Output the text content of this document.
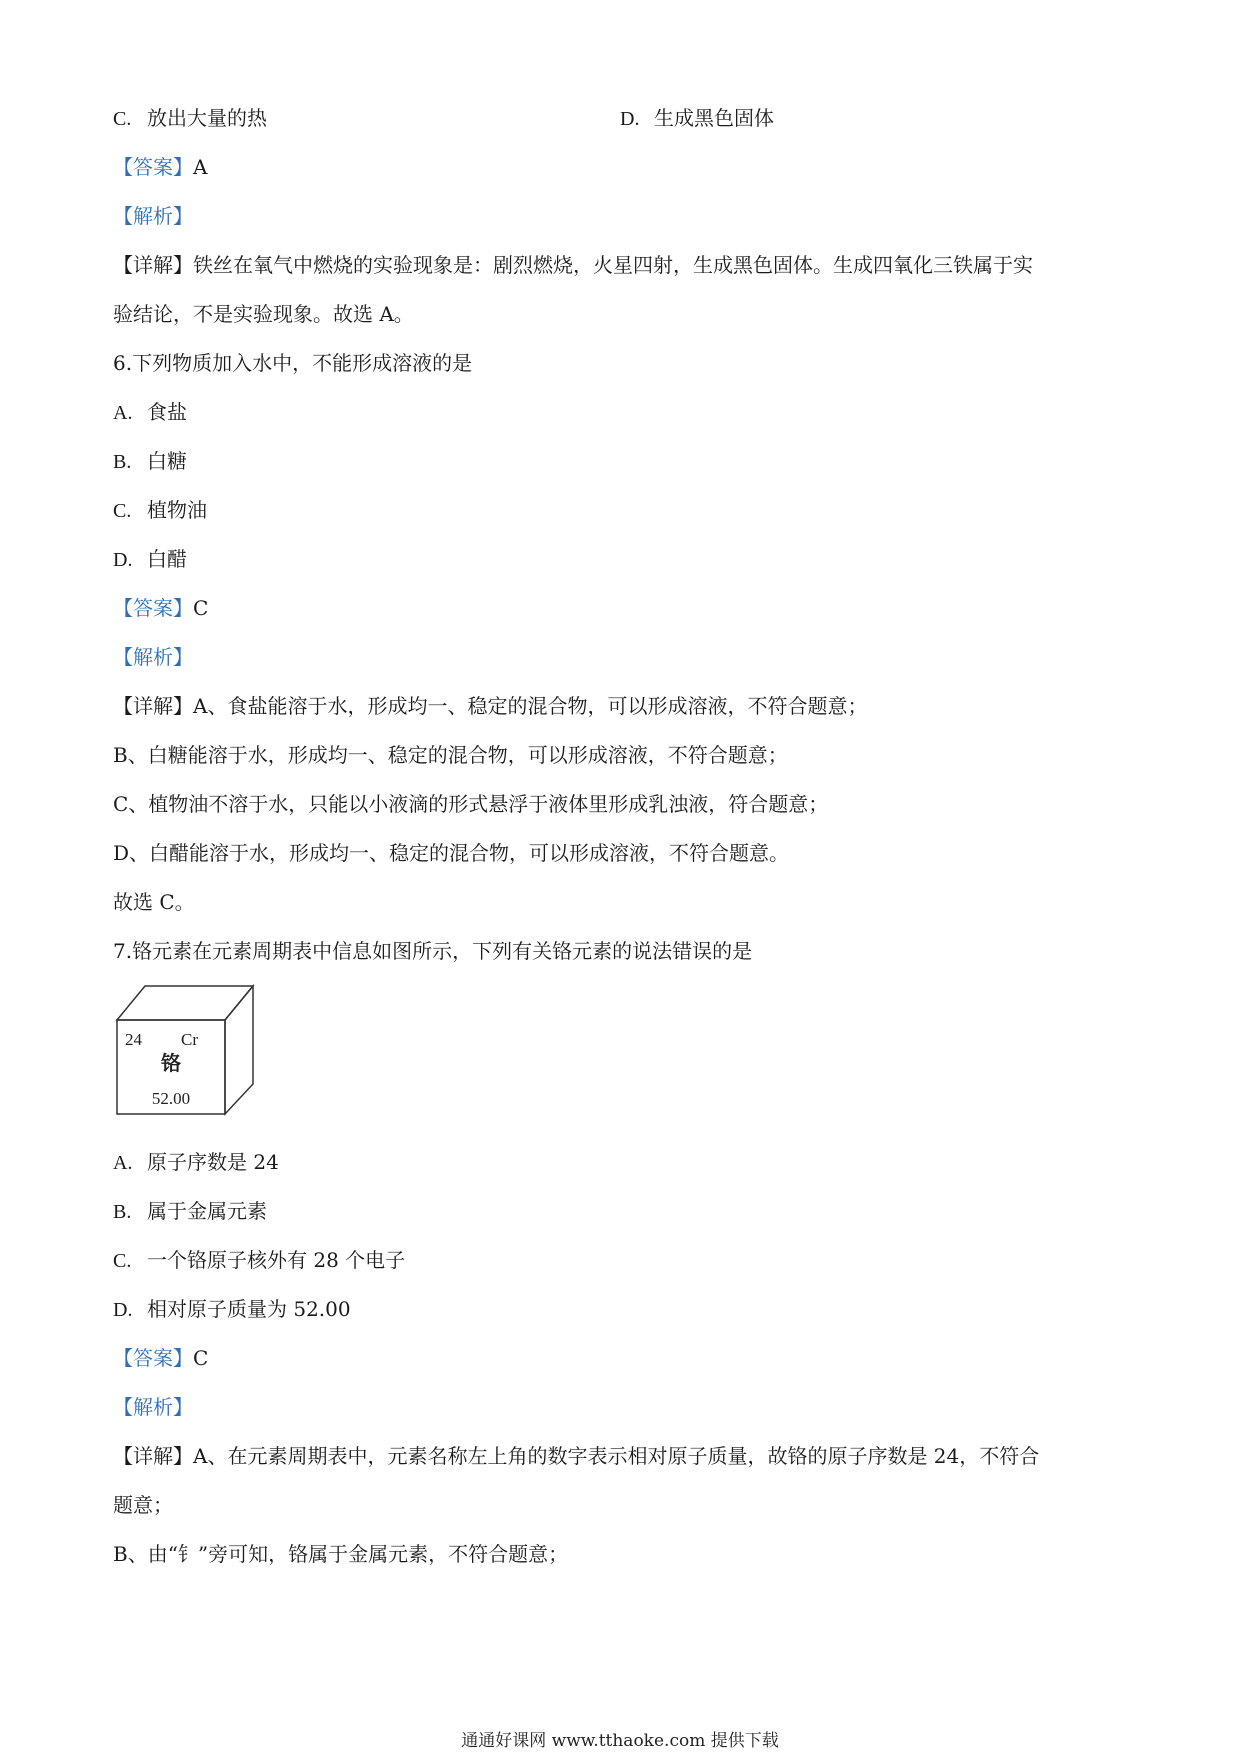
C. 放出大量的热	D. 生成黑色固体
【答案】A
【解析】
【详解】铁丝在氧气中燃烧的实验现象是：剧烈燃烧，火星四射，生成黑色固体。生成四氧化三铁属于实
验结论，不是实验现象。故选 A。
6.下列物质加入水中，不能形成溶液的是
A. 食盐
B. 白糖
C. 植物油
D. 白醋
【答案】C
【解析】
【详解】A、食盐能溶于水，形成均一、稳定的混合物，可以形成溶液，不符合题意；
B、白糖能溶于水，形成均一、稳定的混合物，可以形成溶液，不符合题意；
C、植物油不溶于水，只能以小液滴的形式悬浮于液体里形成乳浊液，符合题意；
D、白醋能溶于水，形成均一、稳定的混合物，可以形成溶液，不符合题意。
故选 C。
7.铬元素在元素周期表中信息如图所示，下列有关铬元素的说法错误的是
24 Cr
铬
52.00
A. 原子序数是 24
B. 属于金属元素
C. 一个铬原子核外有 28 个电子
D. 相对原子质量为 52.00
【答案】C
【解析】
【详解】A、在元素周期表中，元素名称左上角的数字表示相对原子质量，故铬的原子序数是 24，不符合
题意；
B、由“钅”旁可知，铬属于金属元素，不符合题意；
通通好课网 www.tthaoke.com 提供下载
